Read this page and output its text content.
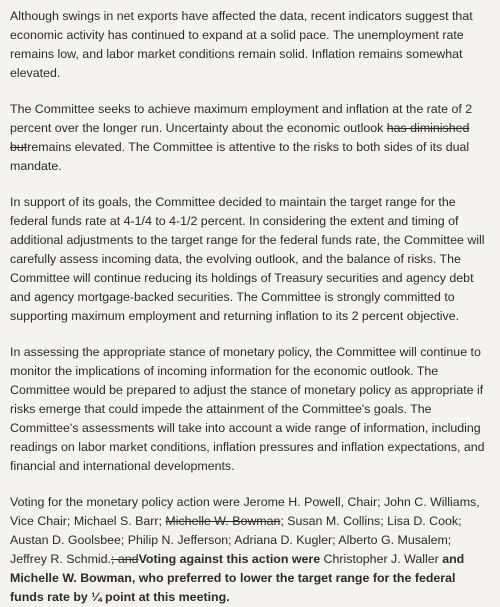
Although swings in net exports have affected the data, recent indicators suggest that economic activity has continued to expand at a solid pace. The unemployment rate remains low, and labor market conditions remain solid. Inflation remains somewhat elevated.

The Committee seeks to achieve maximum employment and inflation at the rate of 2 percent over the longer run. Uncertainty about the economic outlook has diminished butremains elevated. The Committee is attentive to the risks to both sides of its dual mandate.

In support of its goals, the Committee decided to maintain the target range for the federal funds rate at 4-1/4 to 4-1/2 percent. In considering the extent and timing of additional adjustments to the target range for the federal funds rate, the Committee will carefully assess incoming data, the evolving outlook, and the balance of risks. The Committee will continue reducing its holdings of Treasury securities and agency debt and agency mortgage-backed securities. The Committee is strongly committed to supporting maximum employment and returning inflation to its 2 percent objective.

In assessing the appropriate stance of monetary policy, the Committee will continue to monitor the implications of incoming information for the economic outlook. The Committee would be prepared to adjust the stance of monetary policy as appropriate if risks emerge that could impede the attainment of the Committee's goals. The Committee's assessments will take into account a wide range of information, including readings on labor market conditions, inflation pressures and inflation expectations, and financial and international developments.

Voting for the monetary policy action were Jerome H. Powell, Chair; John C. Williams, Vice Chair; Michael S. Barr; Michelle W. Bowman; Susan M. Collins; Lisa D. Cook; Austan D. Goolsbee; Philip N. Jefferson; Adriana D. Kugler; Alberto G. Musalem; Jeffrey R. Schmid.; andVoting against this action were Christopher J. Waller and Michelle W. Bowman, who preferred to lower the target range for the federal funds rate by ¼ point at this meeting.
